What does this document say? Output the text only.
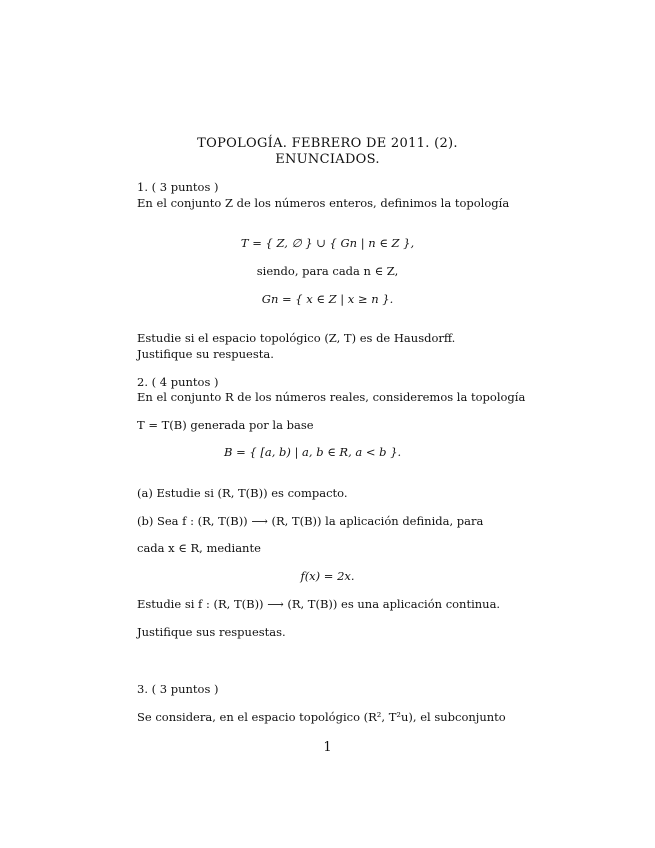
TOPOLOGÍA. FEBRERO DE 2011. (2).
ENUNCIADOS.
1. ( 3 puntos )
En el conjunto Z de los números enteros, definimos la topología
T = { Z, ∅ } ∪ { Gn | n ∈ Z },
siendo, para cada n ∈ Z,
Gn = { x ∈ Z | x ≥ n }.
Estudie si el espacio topológico (Z, T) es de Hausdorff.
Justifique su respuesta.
2. ( 4 puntos )
En el conjunto R de los números reales, consideremos la topología
T = T(B) generada por la base
B = { [a, b) | a, b ∈ R, a < b }.
(a) Estudie si (R, T(B)) es compacto.
(b) Sea f : (R, T(B)) ⟶ (R, T(B)) la aplicación definida, para
cada x ∈ R, mediante
f(x) = 2x.
Estudie si f : (R, T(B)) ⟶ (R, T(B)) es una aplicación continua.
Justifique sus respuestas.
3. ( 3 puntos )
Se considera, en el espacio topológico (R², T²u), el subconjunto
1
